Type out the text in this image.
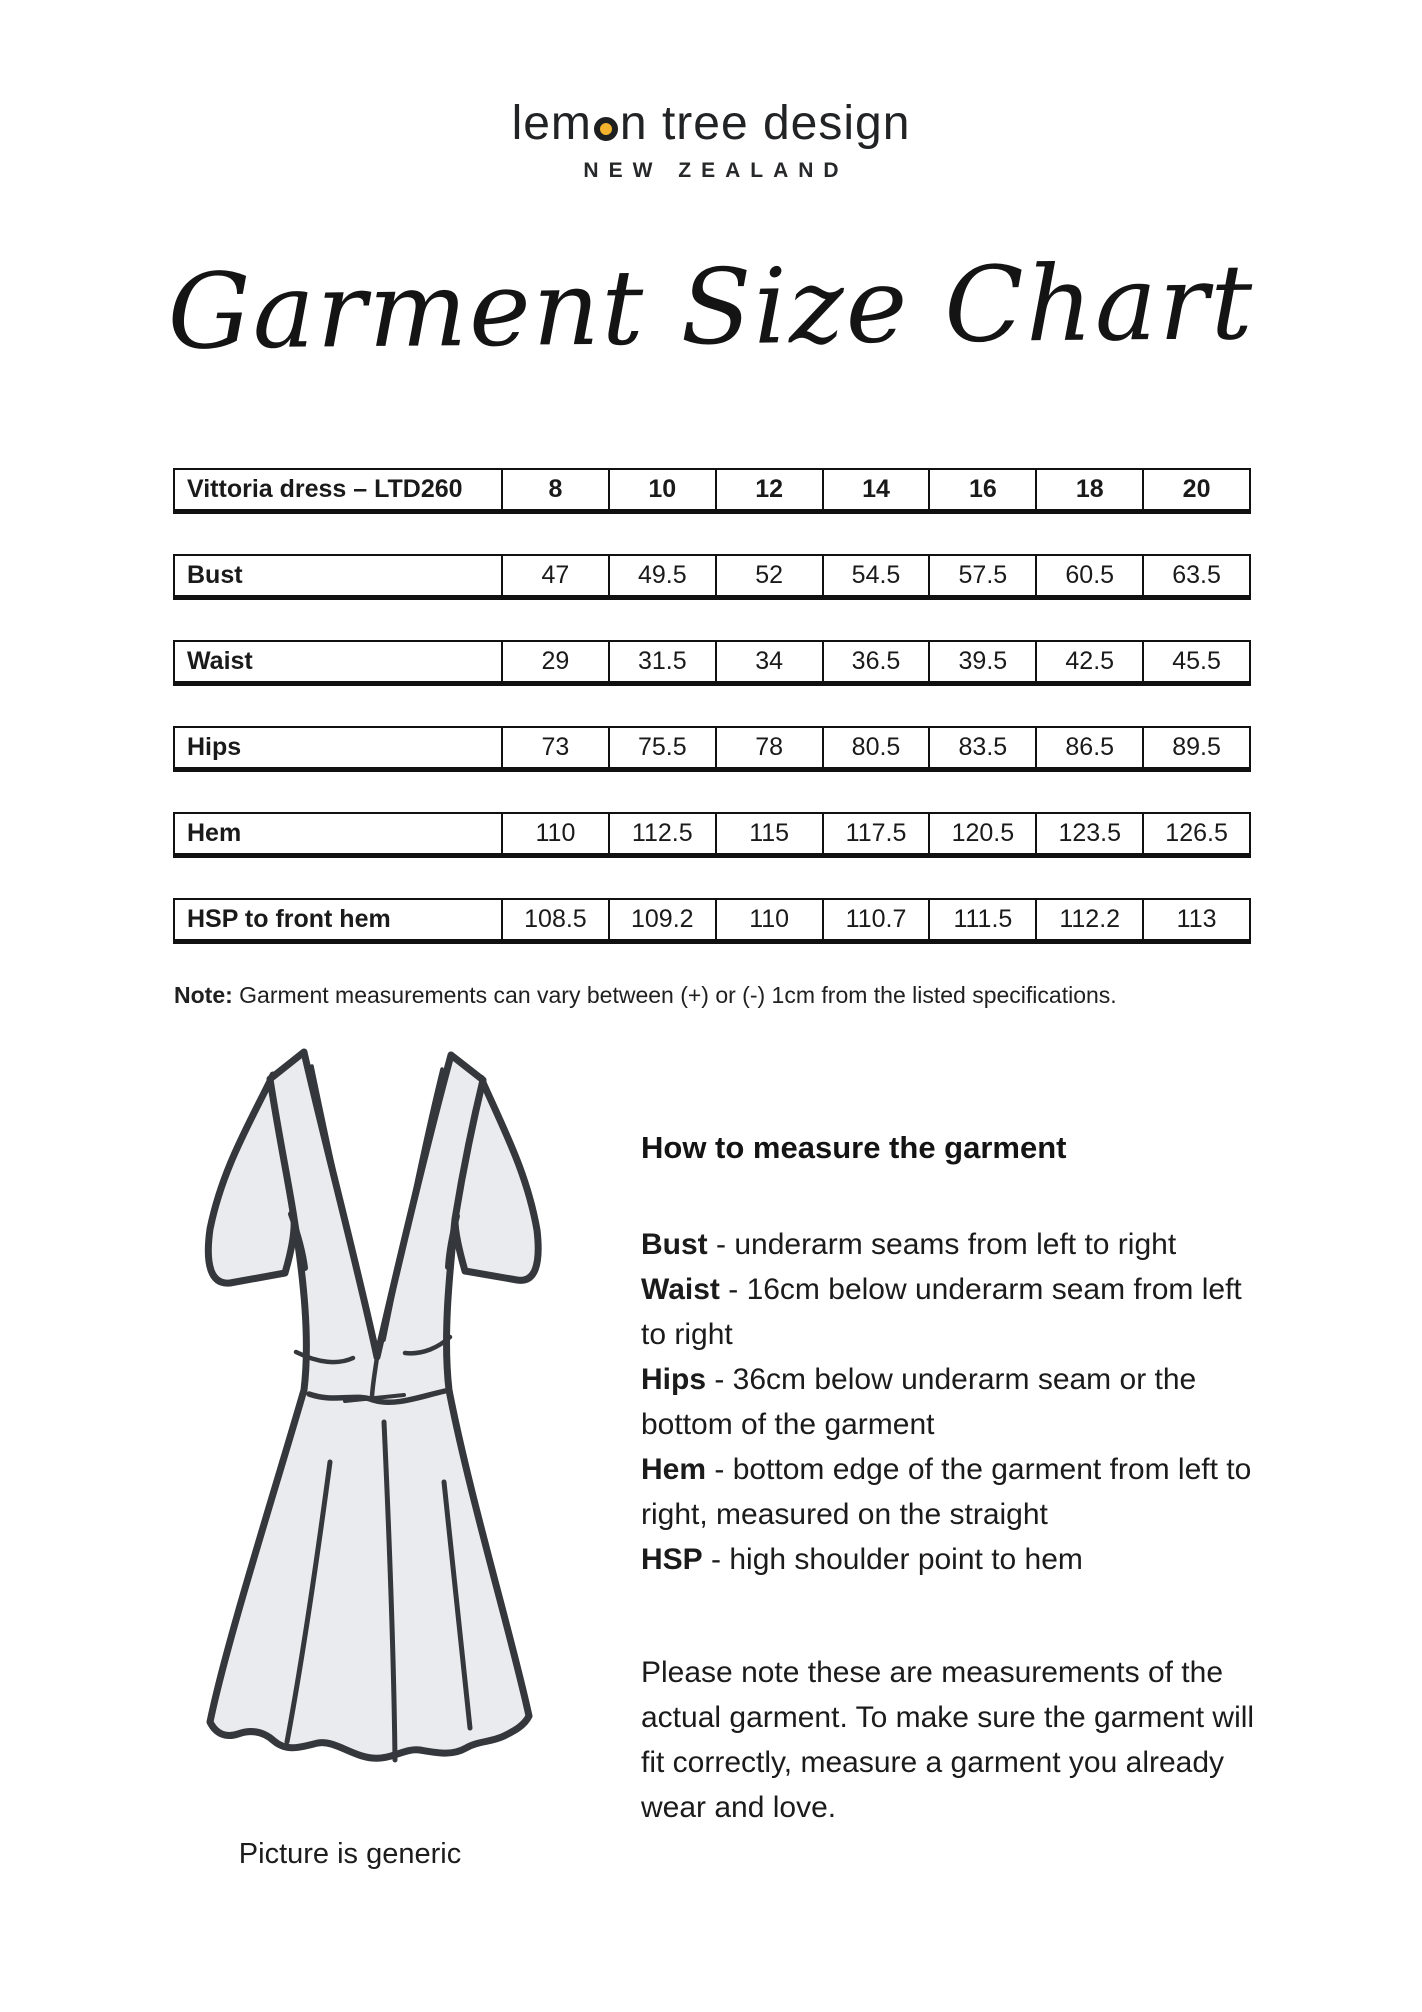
lem n tree design
NEW ZEALAND
Garment Size Chart
Vittoria dress – LTD260	8	10	12	14	16	18	20
Bust	47	49.5	52	54.5	57.5	60.5	63.5
Waist	29	31.5	34	36.5	39.5	42.5	45.5
Hips	73	75.5	78	80.5	83.5	86.5	89.5
Hem	110	112.5	115	117.5	120.5	123.5	126.5
HSP to front hem	108.5	109.2	110	110.7	111.5	112.2	113
Note: Garment measurements can vary between (+) or (-) 1cm from the listed specifications.
Picture is generic
How to measure the garment
Bust - underarm seams from left to right
Waist - 16cm below underarm seam from left to right
Hips - 36cm below underarm seam or the bottom of the garment
Hem - bottom edge of the garment from left to right, measured on the straight
HSP - high shoulder point to hem
Please note these are measurements of the actual garment. To make sure the garment will fit correctly, measure a garment you already wear and love.
